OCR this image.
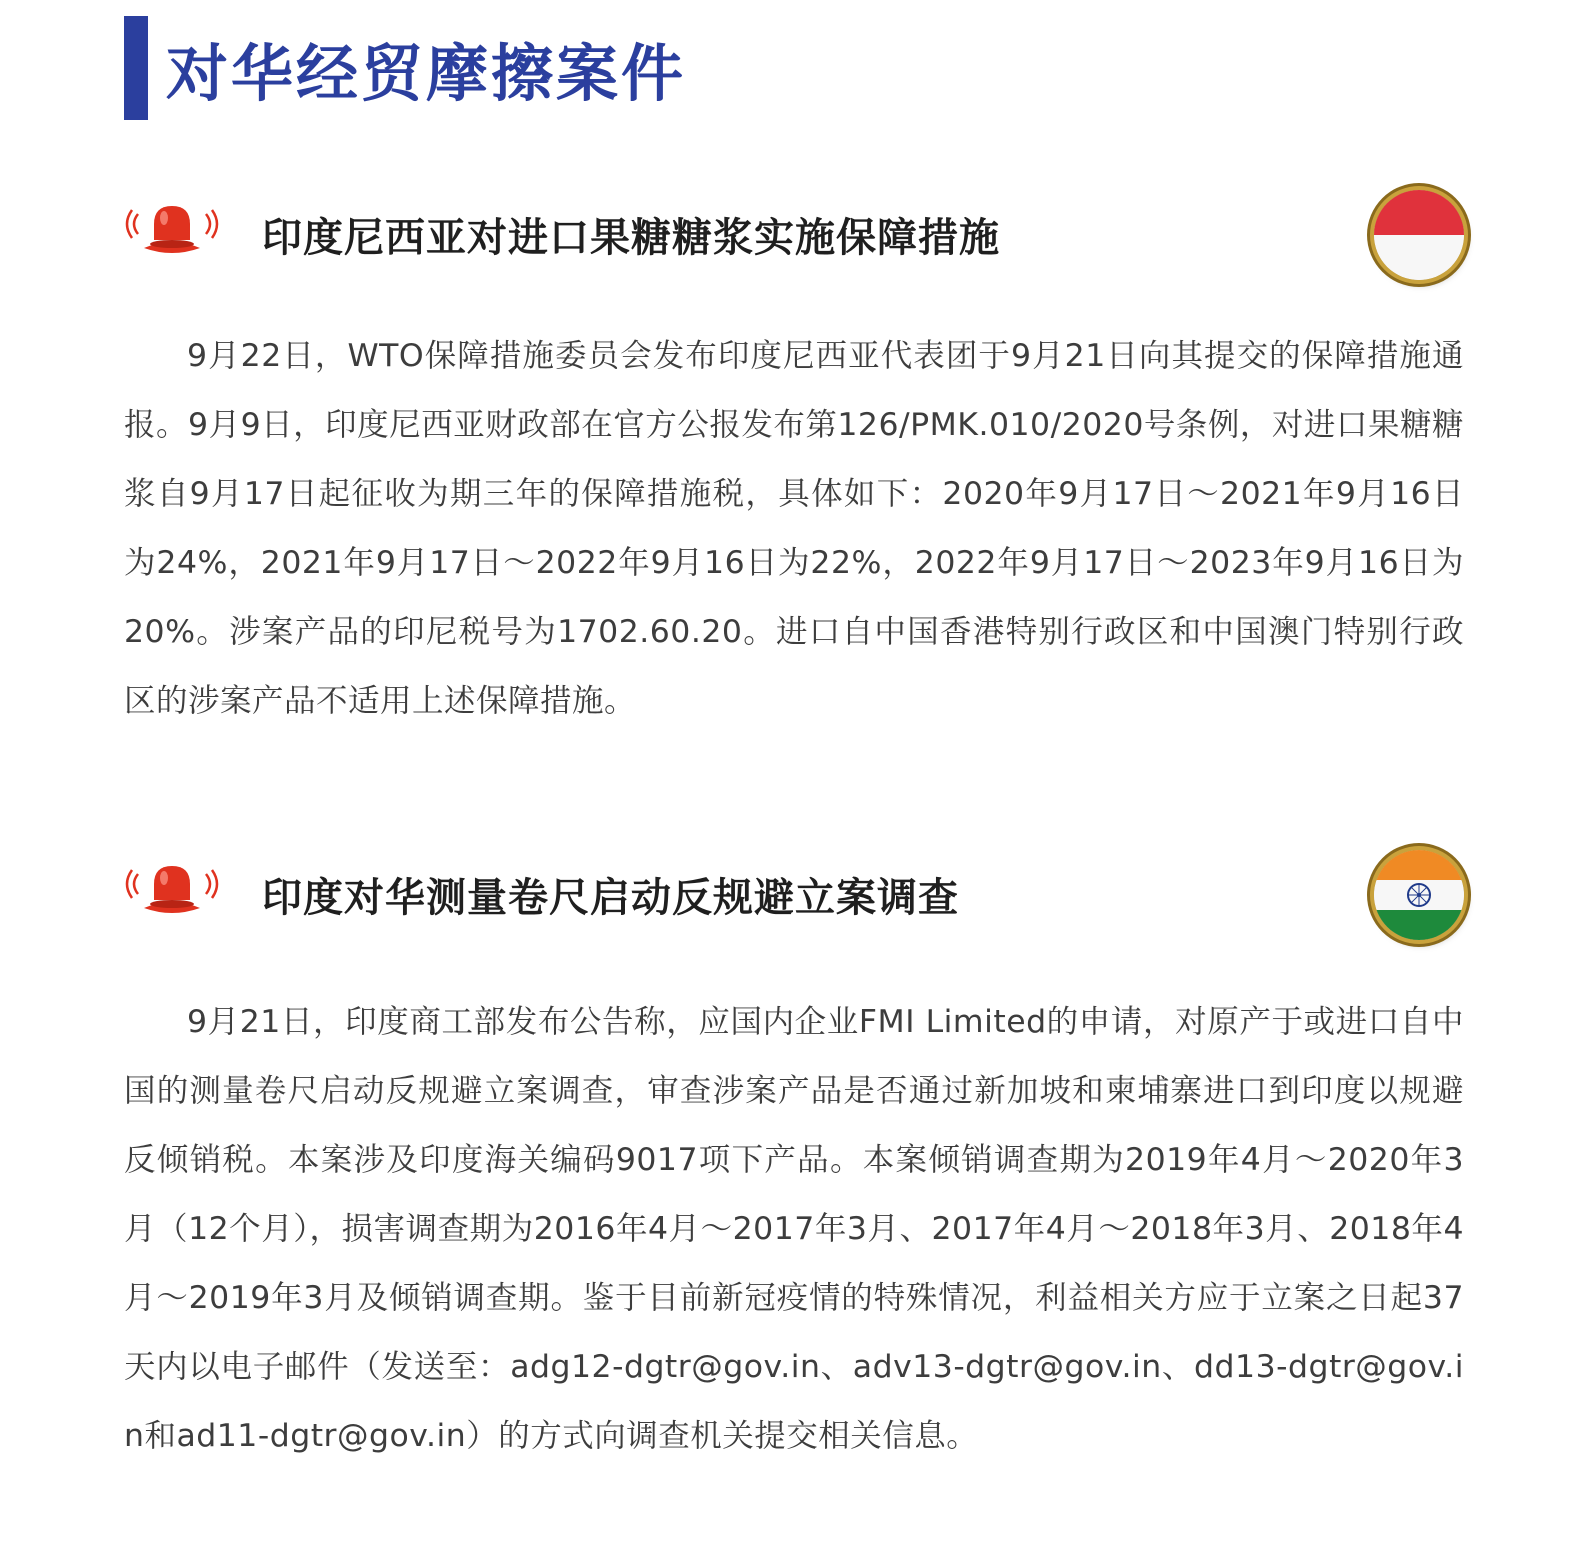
对华经贸摩擦案件
印度尼西亚对进口果糖糖浆实施保障措施

9月22日，WTO保障措施委员会发布印度尼西亚代表团于9月21日向其提交的保障措施通报。9月9日，印度尼西亚财政部在官方公报发布第126/PMK.010/2020号条例，对进口果糖糖浆自9月17日起征收为期三年的保障措施税，具体如下：2020年9月17日～2021年9月16日为24%，2021年9月17日～2022年9月16日为22%，2022年9月17日～2023年9月16日为20%。涉案产品的印尼税号为1702.60.20。进口自中国香港特别行政区和中国澳门特别行政区的涉案产品不适用上述保障措施。

印度对华测量卷尺启动反规避立案调查

9月21日，印度商工部发布公告称，应国内企业FMI Limited的申请，对原产于或进口自中国的测量卷尺启动反规避立案调查，审查涉案产品是否通过新加坡和柬埔寨进口到印度以规避反倾销税。本案涉及印度海关编码9017项下产品。本案倾销调查期为2019年4月～2020年3月（12个月），损害调查期为2016年4月～2017年3月、2017年4月～2018年3月、2018年4月～2019年3月及倾销调查期。鉴于目前新冠疫情的特殊情况，利益相关方应于立案之日起37天内以电子邮件（发送至：adg12-dgtr@gov.in、adv13-dgtr@gov.in、dd13-dgtr@gov.in和ad11-dgtr@gov.in）的方式向调查机关提交相关信息。
